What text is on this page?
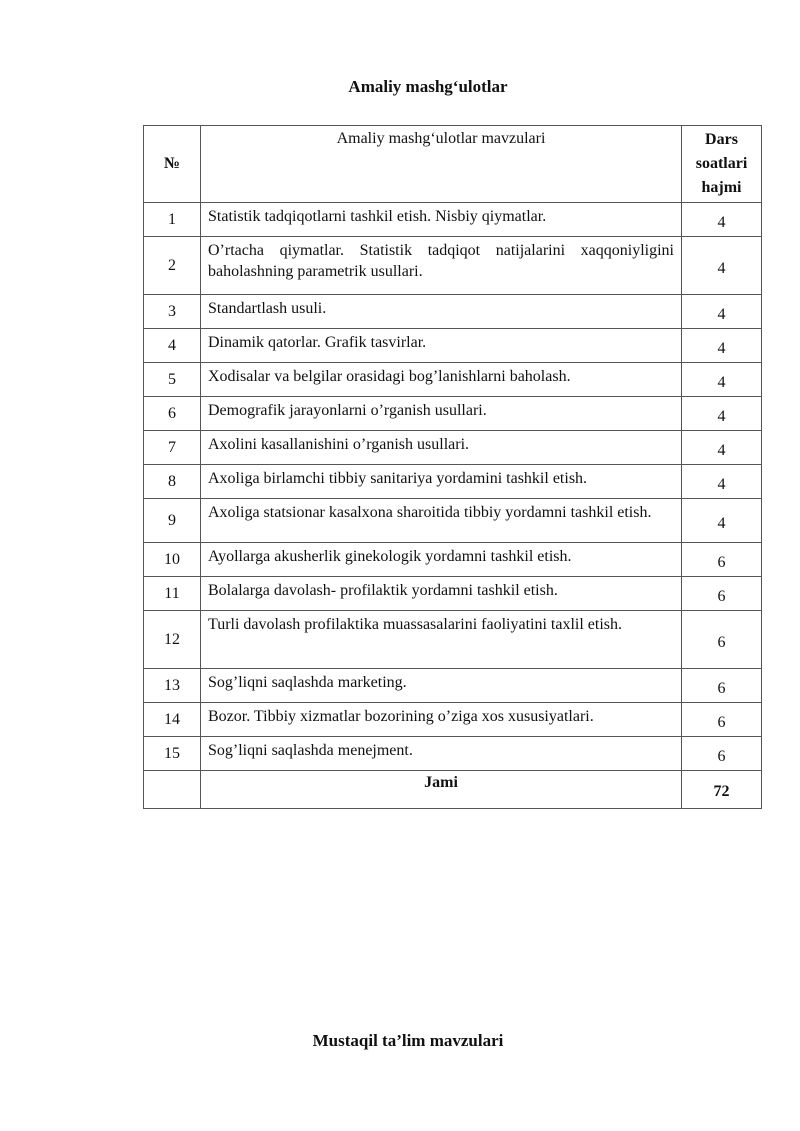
Amaliy mashg‘ulotlar
№	Amaliy mashg‘ulotlar mavzulari	Dars
soatlari
hajmi

1	Statistik tadqiqotlarni tashkil etish. Nisbiy qiymatlar.	4
2	O’rtacha qiymatlar. Statistik tadqiqot natijalarini xaqqoniyligini baholashning parametrik usullari.	4
3	Standartlash usuli.	4
4	Dinamik qatorlar. Grafik tasvirlar.	4
5	Xodisalar va belgilar orasidagi bog’lanishlarni baholash.	4
6	Demografik jarayonlarni o’rganish usullari.	4
7	Axolini kasallanishini o’rganish usullari.	4
8	Axoliga birlamchi tibbiy sanitariya yordamini tashkil etish.	4
9	Axoliga statsionar kasalxona sharoitida tibbiy yordamni tashkil etish.	4
10	Ayollarga akusherlik ginekologik yordamni tashkil etish.	6
11	Bolalarga davolash- profilaktik yordamni tashkil etish.	6
12	Turli davolash profilaktika muassasalarini faoliyatini taxlil etish.	6
13	Sog’liqni saqlashda marketing.	6
14	Bozor. Tibbiy xizmatlar bozorining o’ziga xos xususiyatlari.	6
15	Sog’liqni saqlashda menejment.	6
	Jami	72
Mustaqil ta’lim mavzulari
